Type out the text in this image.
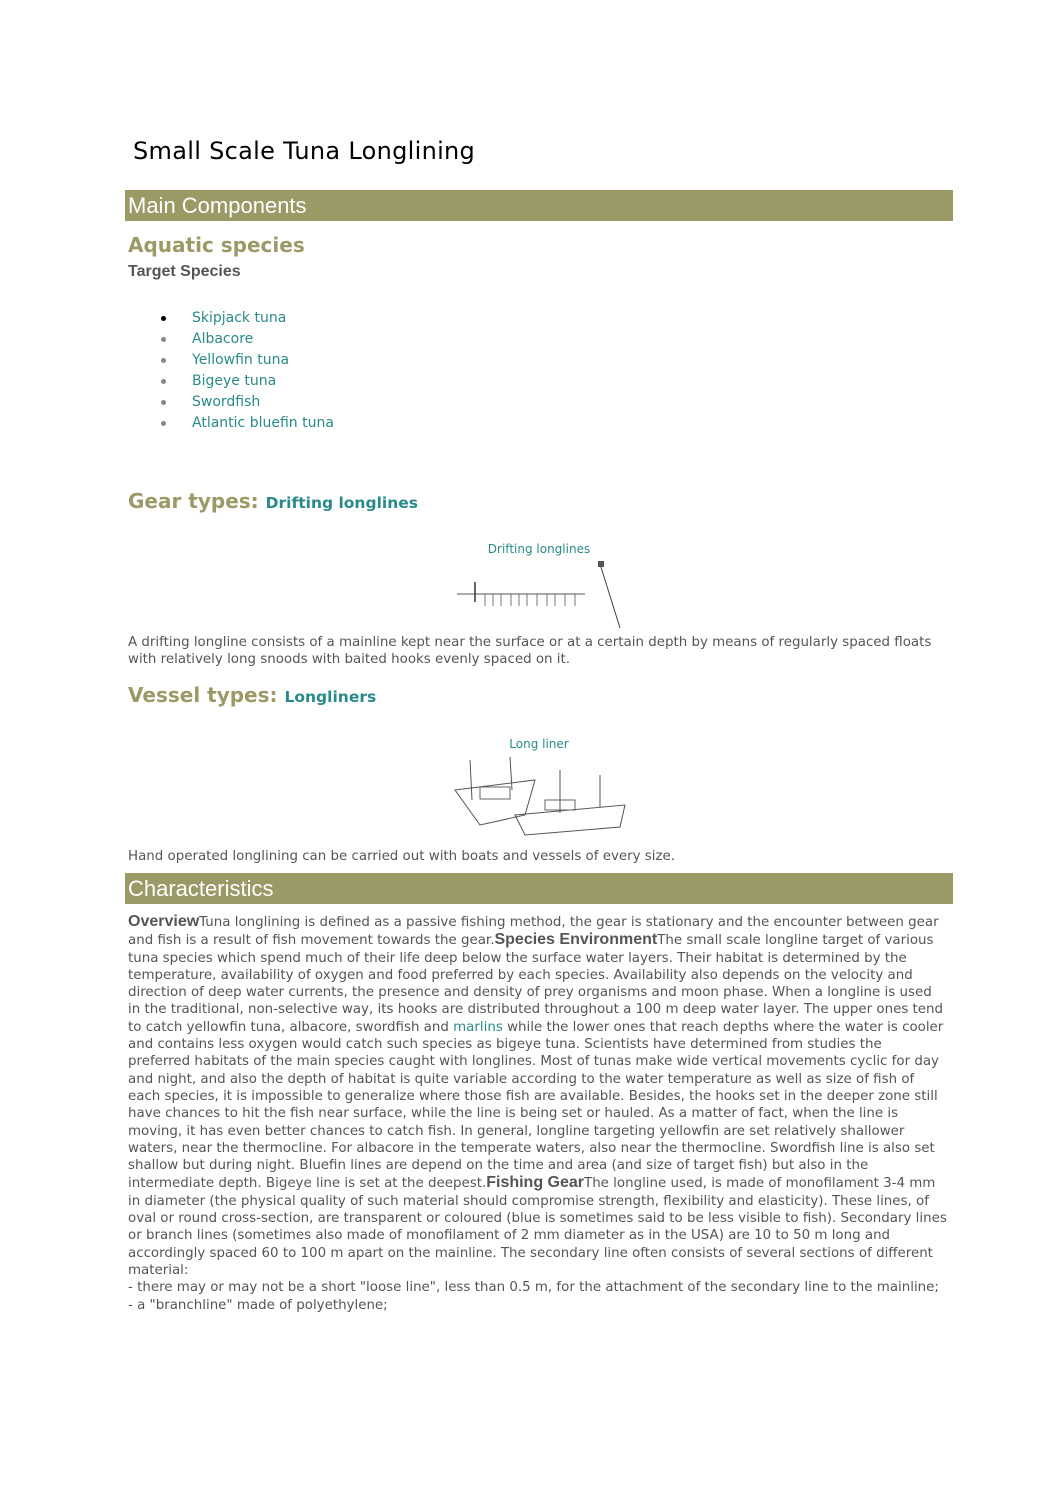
Small Scale Tuna Longlining
Main Components
Aquatic species
Target Species
Skipjack tuna
Albacore
Yellowfin tuna
Bigeye tuna
Swordfish
Atlantic bluefin tuna
Gear types: Drifting longlines
Drifting longlines
A drifting longline consists of a mainline kept near the surface or at a certain depth by means of regularly spaced floats with relatively long snoods with baited hooks evenly spaced on it.
Vessel types: Longliners
Long liner
Hand operated longlining can be carried out with boats and vessels of every size.
Characteristics
OverviewTuna longlining is defined as a passive fishing method, the gear is stationary and the encounter between gear and fish is a result of fish movement towards the gear.Species EnvironmentThe small scale longline target of various tuna species which spend much of their life deep below the surface water layers. Their habitat is determined by the temperature, availability of oxygen and food preferred by each species. Availability also depends on the velocity and direction of deep water currents, the presence and density of prey organisms and moon phase. When a longline is used in the traditional, non-selective way, its hooks are distributed throughout a 100 m deep water layer. The upper ones tend to catch yellowfin tuna, albacore, swordfish and marlins while the lower ones that reach depths where the water is cooler and contains less oxygen would catch such species as bigeye tuna. Scientists have determined from studies the preferred habitats of the main species caught with longlines. Most of tunas make wide vertical movements cyclic for day and night, and also the depth of habitat is quite variable according to the water temperature as well as size of fish of each species, it is impossible to generalize where those fish are available. Besides, the hooks set in the deeper zone still have chances to hit the fish near surface, while the line is being set or hauled. As a matter of fact, when the line is moving, it has even better chances to catch fish. In general, longline targeting yellowfin are set relatively shallower waters, near the thermocline. For albacore in the temperate waters, also near the thermocline. Swordfish line is also set shallow but during night. Bluefin lines are depend on the time and area (and size of target fish) but also in the intermediate depth. Bigeye line is set at the deepest.Fishing GearThe longline used, is made of monofilament 3-4 mm in diameter (the physical quality of such material should compromise strength, flexibility and elasticity). These lines, of oval or round cross-section, are transparent or coloured (blue is sometimes said to be less visible to fish). Secondary lines or branch lines (sometimes also made of monofilament of 2 mm diameter as in the USA) are 10 to 50 m long and accordingly spaced 60 to 100 m apart on the mainline. The secondary line often consists of several sections of different material:
- there may or may not be a short "loose line", less than 0.5 m, for the attachment of the secondary line to the mainline;
- a "branchline" made of polyethylene;
